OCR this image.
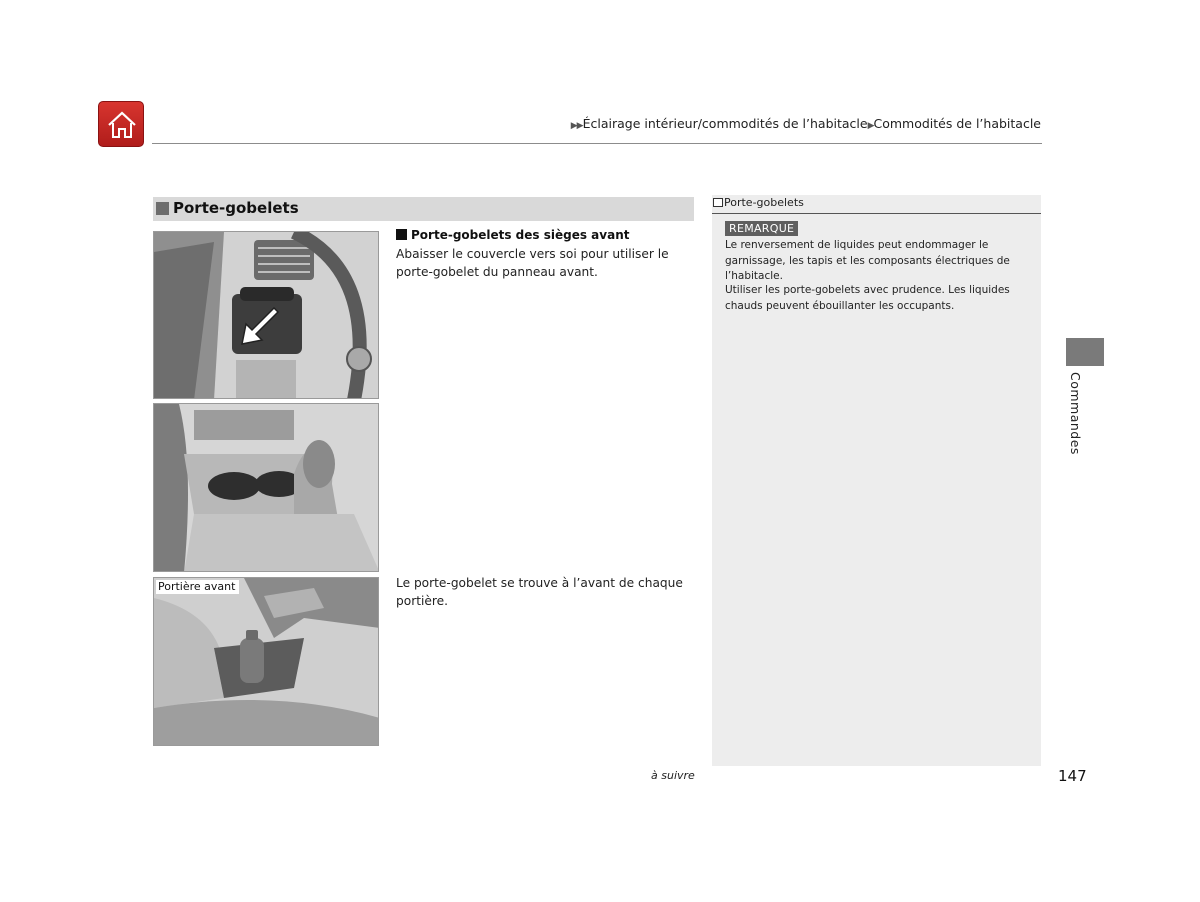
▶▶Éclairage intérieur/commodités de l’habitacle▶Commodités de l’habitacle
Porte-gobelets
Portière avant
Porte-gobelets des sièges avant
Abaisser le couvercle vers soi pour utiliser le porte-gobelet du panneau avant.
Le porte-gobelet se trouve à l’avant de chaque portière.
Porte-gobelets
REMARQUE
Le renversement de liquides peut endommager le garnissage, les tapis et les composants électriques de l’habitacle.
Utiliser les porte-gobelets avec prudence. Les liquides chauds peuvent ébouillanter les occupants.
Commandes
à suivre	147
